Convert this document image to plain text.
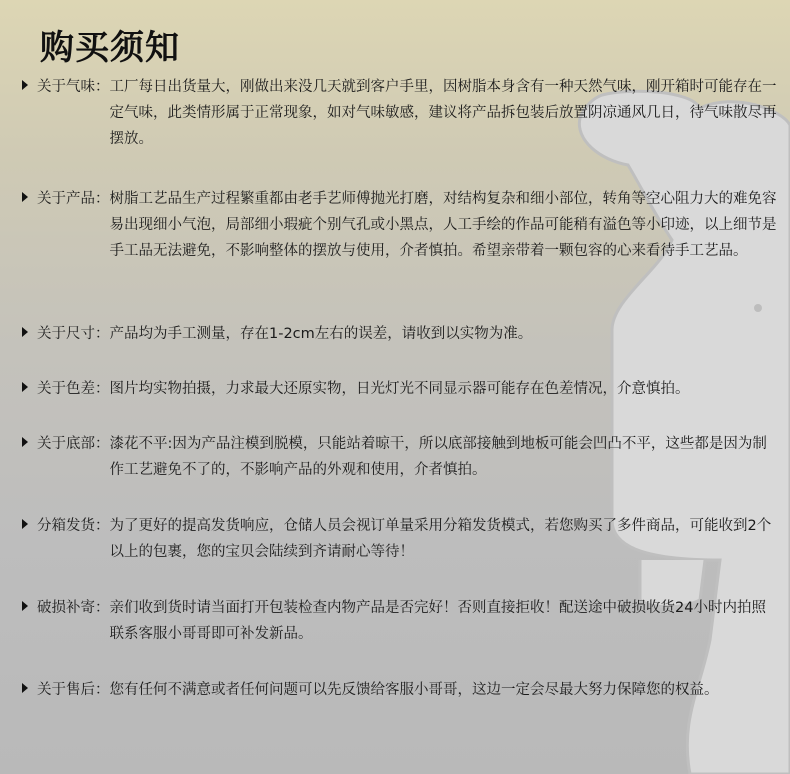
购买须知
关于气味： 工厂每日出货量大，刚做出来没几天就到客户手里，因树脂本身含有一种天然气味，刚开箱时可能存在一定气味，此类情形属于正常现象，如对气味敏感，建议将产品拆包装后放置阴凉通风几日，待气味散尽再摆放。
关于产品： 树脂工艺品生产过程繁重都由老手艺师傅抛光打磨，对结构复杂和细小部位，转角等空心阻力大的难免容易出现细小气泡，局部细小瑕疵个别气孔或小黑点，人工手绘的作品可能稍有溢色等小印迹，以上细节是手工品无法避免，不影响整体的摆放与使用，介者慎拍。希望亲带着一颗包容的心来看待手工艺品。
关于尺寸： 产品均为手工测量，存在1-2cm左右的误差，请收到以实物为准。
关于色差： 图片均实物拍摄，力求最大还原实物，日光灯光不同显示器可能存在色差情况，介意慎拍。
关于底部： 漆花不平:因为产品注模到脱模，只能站着晾干，所以底部接触到地板可能会凹凸不平，这些都是因为制作工艺避免不了的，不影响产品的外观和使用，介者慎拍。
分箱发货： 为了更好的提高发货响应，仓储人员会视订单量采用分箱发货模式，若您购买了多件商品，可能收到2个以上的包裹，您的宝贝会陆续到齐请耐心等待！
破损补寄： 亲们收到货时请当面打开包装检查内物产品是否完好！否则直接拒收！配送途中破损收货24小时内拍照联系客服小哥哥即可补发新品。
关于售后： 您有任何不满意或者任何问题可以先反馈给客服小哥哥，这边一定会尽最大努力保障您的权益。
